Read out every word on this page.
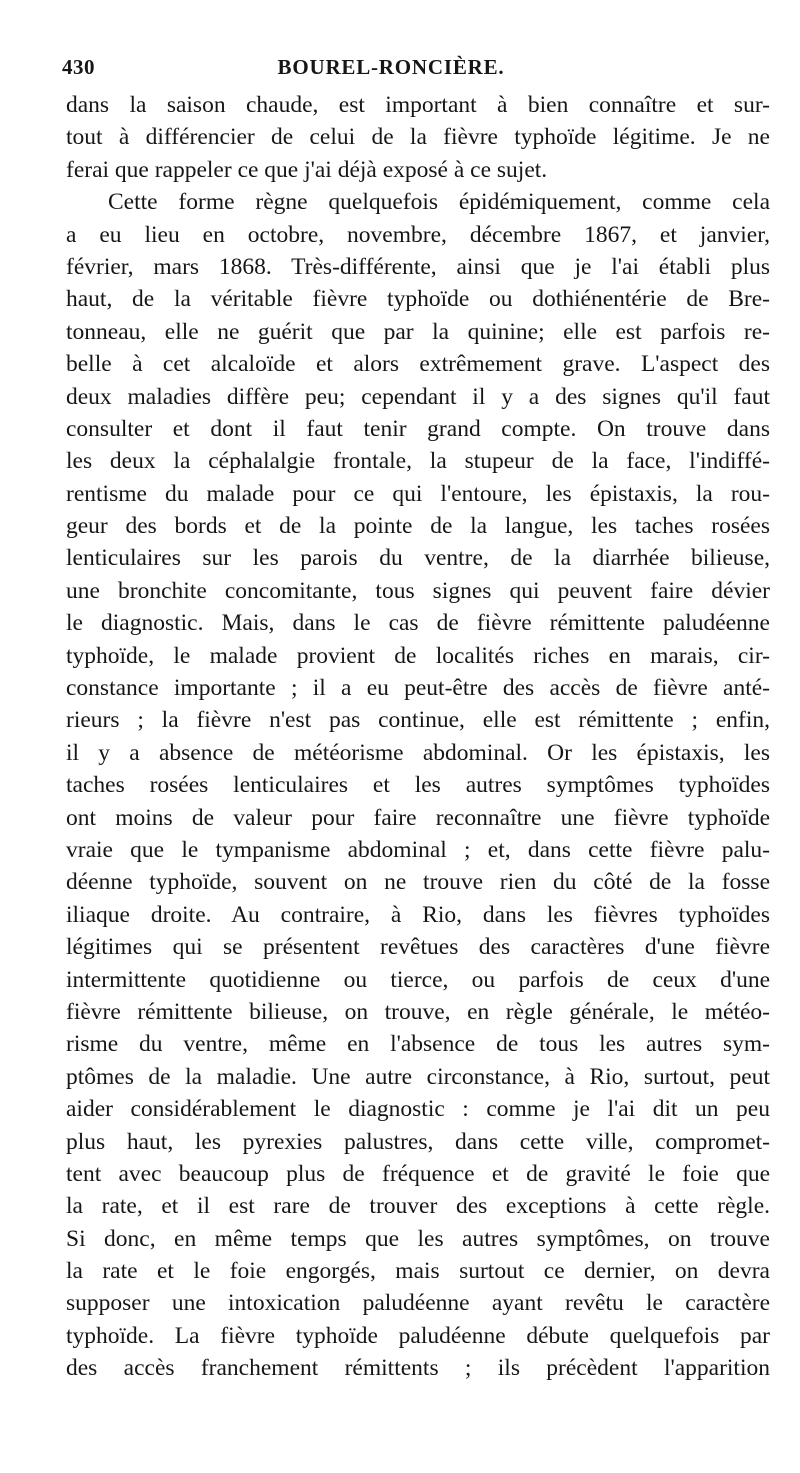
430	BOUREL-RONCIÈRE.
dans la saison chaude, est important à bien connaître et sur-
tout à différencier de celui de la fièvre typhoïde légitime. Je ne
ferai que rappeler ce que j'ai déjà exposé à ce sujet.
Cette forme règne quelquefois épidémiquement, comme cela
a eu lieu en octobre, novembre, décembre 1867, et janvier,
février, mars 1868. Très-différente, ainsi que je l'ai établi plus
haut, de la véritable fièvre typhoïde ou dothiénentérie de Bre-
tonneau, elle ne guérit que par la quinine; elle est parfois re-
belle à cet alcaloïde et alors extrêmement grave. L'aspect des
deux maladies diffère peu; cependant il y a des signes qu'il faut
consulter et dont il faut tenir grand compte. On trouve dans
les deux la céphalalgie frontale, la stupeur de la face, l'indiffé-
rentisme du malade pour ce qui l'entoure, les épistaxis, la rou-
geur des bords et de la pointe de la langue, les taches rosées
lenticulaires sur les parois du ventre, de la diarrhée bilieuse,
une bronchite concomitante, tous signes qui peuvent faire dévier
le diagnostic. Mais, dans le cas de fièvre rémittente paludéenne
typhoïde, le malade provient de localités riches en marais, cir-
constance importante ; il a eu peut-être des accès de fièvre anté-
rieurs ; la fièvre n'est pas continue, elle est rémittente ; enfin,
il y a absence de météorisme abdominal. Or les épistaxis, les
taches rosées lenticulaires et les autres symptômes typhoïdes
ont moins de valeur pour faire reconnaître une fièvre typhoïde
vraie que le tympanisme abdominal ; et, dans cette fièvre palu-
déenne typhoïde, souvent on ne trouve rien du côté de la fosse
iliaque droite. Au contraire, à Rio, dans les fièvres typhoïdes
légitimes qui se présentent revêtues des caractères d'une fièvre
intermittente quotidienne ou tierce, ou parfois de ceux d'une
fièvre rémittente bilieuse, on trouve, en règle générale, le météo-
risme du ventre, même en l'absence de tous les autres sym-
ptômes de la maladie. Une autre circonstance, à Rio, surtout, peut
aider considérablement le diagnostic : comme je l'ai dit un peu
plus haut, les pyrexies palustres, dans cette ville, compromet-
tent avec beaucoup plus de fréquence et de gravité le foie que
la rate, et il est rare de trouver des exceptions à cette règle.
Si donc, en même temps que les autres symptômes, on trouve
la rate et le foie engorgés, mais surtout ce dernier, on devra
supposer une intoxication paludéenne ayant revêtu le caractère
typhoïde. La fièvre typhoïde paludéenne débute quelquefois par
des accès franchement rémittents ; ils précèdent l'apparition
